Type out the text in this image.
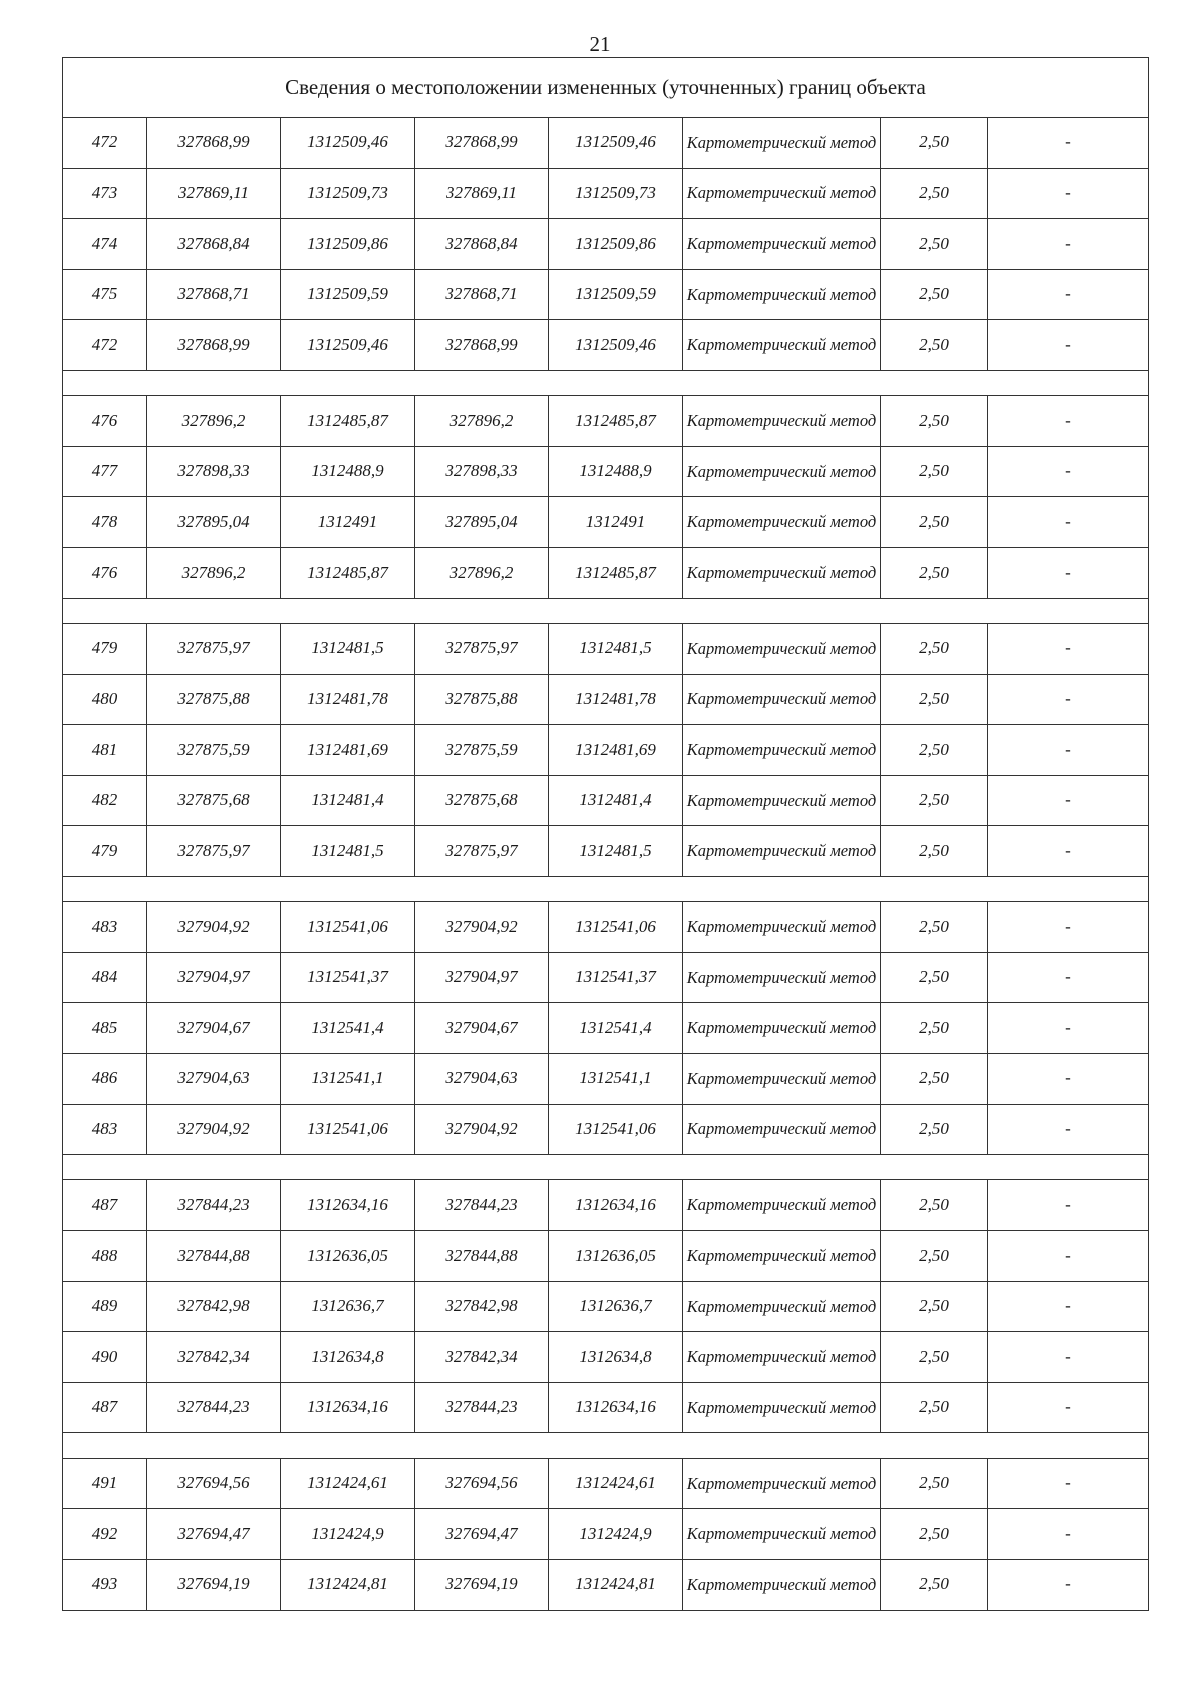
21
Сведения о местоположении измененных (уточненных) границ объекта							
472	327868,99	1312509,46	327868,99	1312509,46	Картометрический метод	2,50	-
473	327869,11	1312509,73	327869,11	1312509,73	Картометрический метод	2,50	-
474	327868,84	1312509,86	327868,84	1312509,86	Картометрический метод	2,50	-
475	327868,71	1312509,59	327868,71	1312509,59	Картометрический метод	2,50	-
472	327868,99	1312509,46	327868,99	1312509,46	Картометрический метод	2,50	-

476	327896,2	1312485,87	327896,2	1312485,87	Картометрический метод	2,50	-
477	327898,33	1312488,9	327898,33	1312488,9	Картометрический метод	2,50	-
478	327895,04	1312491	327895,04	1312491	Картометрический метод	2,50	-
476	327896,2	1312485,87	327896,2	1312485,87	Картометрический метод	2,50	-

479	327875,97	1312481,5	327875,97	1312481,5	Картометрический метод	2,50	-
480	327875,88	1312481,78	327875,88	1312481,78	Картометрический метод	2,50	-
481	327875,59	1312481,69	327875,59	1312481,69	Картометрический метод	2,50	-
482	327875,68	1312481,4	327875,68	1312481,4	Картометрический метод	2,50	-
479	327875,97	1312481,5	327875,97	1312481,5	Картометрический метод	2,50	-

483	327904,92	1312541,06	327904,92	1312541,06	Картометрический метод	2,50	-
484	327904,97	1312541,37	327904,97	1312541,37	Картометрический метод	2,50	-
485	327904,67	1312541,4	327904,67	1312541,4	Картометрический метод	2,50	-
486	327904,63	1312541,1	327904,63	1312541,1	Картометрический метод	2,50	-
483	327904,92	1312541,06	327904,92	1312541,06	Картометрический метод	2,50	-

487	327844,23	1312634,16	327844,23	1312634,16	Картометрический метод	2,50	-
488	327844,88	1312636,05	327844,88	1312636,05	Картометрический метод	2,50	-
489	327842,98	1312636,7	327842,98	1312636,7	Картометрический метод	2,50	-
490	327842,34	1312634,8	327842,34	1312634,8	Картометрический метод	2,50	-
487	327844,23	1312634,16	327844,23	1312634,16	Картометрический метод	2,50	-

491	327694,56	1312424,61	327694,56	1312424,61	Картометрический метод	2,50	-
492	327694,47	1312424,9	327694,47	1312424,9	Картометрический метод	2,50	-
493	327694,19	1312424,81	327694,19	1312424,81	Картометрический метод	2,50	-
